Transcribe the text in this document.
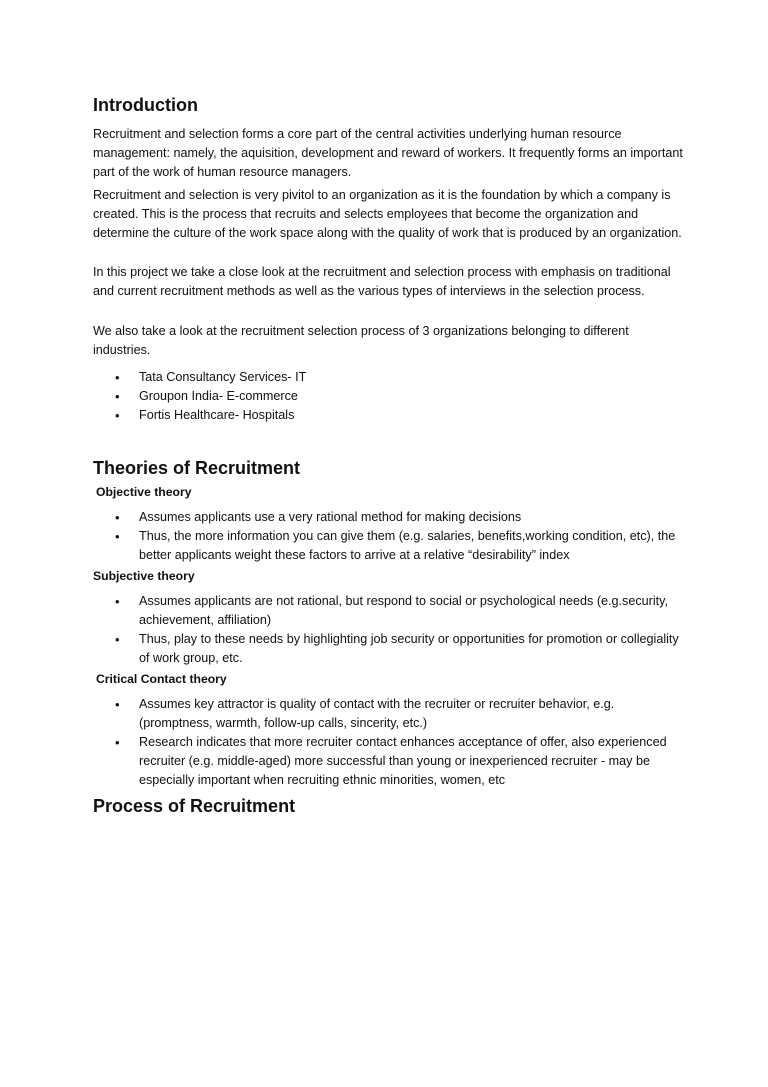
Introduction

Recruitment and selection forms a core part of the central activities underlying human resource management: namely, the aquisition, development and reward of workers. It frequently forms an important part of the work of human resource managers.

Recruitment and selection is very pivitol to an organization as it is the foundation by which a company is created. This is the process that recruits and selects employees that become the organization and determine the culture of the work space along with the quality of work that is produced by an organization.

In this project we take a close look at the recruitment and selection process with emphasis on traditional and current recruitment methods as well as the various types of interviews in the selection process.

We also take a look at the recruitment selection process of 3 organizations belonging to different industries.

• Tata Consultancy Services- IT
• Groupon India- E-commerce
• Fortis Healthcare- Hospitals
Theories of Recruitment
Objective theory
• Assumes applicants use a very rational method for making decisions
• Thus, the more information you can give them (e.g. salaries, benefits,working condition, etc), the better applicants weight these factors to arrive at a relative “desirability” index
Subjective theory
• Assumes applicants are not rational, but respond to social or psychological needs (e.g.security, achievement, affiliation)
• Thus, play to these needs by highlighting job security or opportunities for promotion or collegiality of work group, etc.
Critical Contact theory
• Assumes key attractor is quality of contact with the recruiter or recruiter behavior, e.g. (promptness, warmth, follow-up calls, sincerity, etc.)
• Research indicates that more recruiter contact enhances acceptance of offer, also experienced recruiter (e.g. middle-aged) more successful than young or inexperienced recruiter - may be especially important when recruiting ethnic minorities, women, etc
Process of Recruitment
